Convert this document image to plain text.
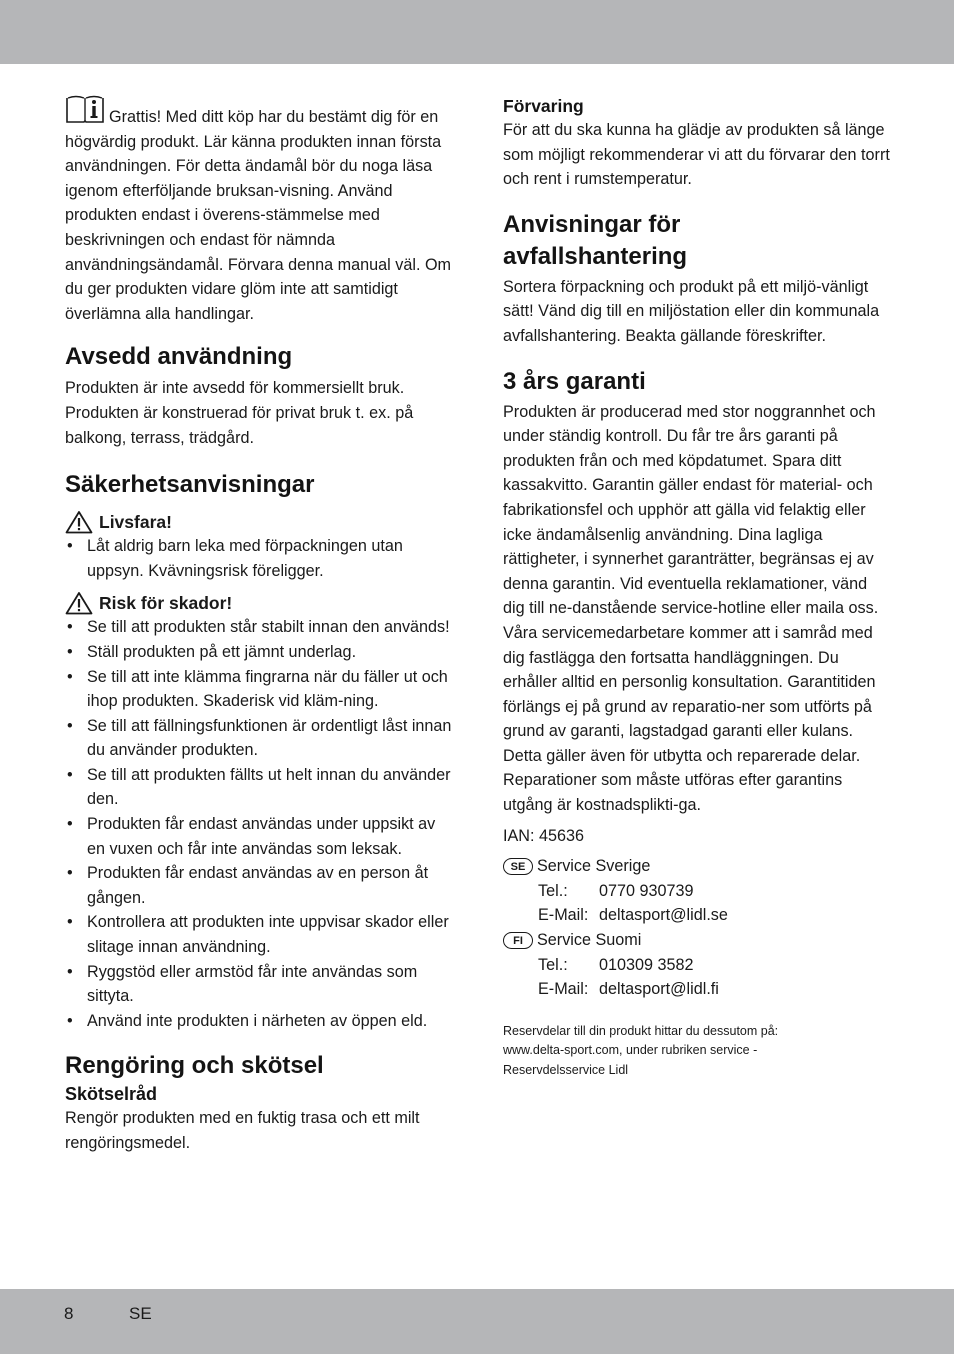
Grattis! Med ditt köp har du bestämt dig för en högvärdig produkt. Lär känna produkten innan första användningen. För detta ändamål bör du noga läsa igenom efterföljande bruksan-visning. Använd produkten endast i överens-stämmelse med beskrivningen och endast för nämnda användningsändamål. Förvara denna manual väl. Om du ger produkten vidare glöm inte att samtidigt överlämna alla handlingar.

Avsedd användning

Produkten är inte avsedd för kommersiellt bruk. Produkten är konstruerad för privat bruk t. ex. på balkong, terrass, trädgård.

Säkerhetsanvisningar
Livsfara!
• Låt aldrig barn leka med förpackningen utan uppsyn. Kvävningsrisk föreligger.
Risk för skador!
• Se till att produkten står stabilt innan den används!
• Ställ produkten på ett jämnt underlag.
• Se till att inte klämma fingrarna när du fäller ut och ihop produkten. Skaderisk vid kläm-ning.
• Se till att fällningsfunktionen är ordentligt låst innan du använder produkten.
• Se till att produkten fällts ut helt innan du använder den.
• Produkten får endast användas under uppsikt av en vuxen och får inte användas som leksak.
• Produkten får endast användas av en person åt gången.
• Kontrollera att produkten inte uppvisar skador eller slitage innan användning.
• Ryggstöd eller armstöd får inte användas som sittyta.
• Använd inte produkten i närheten av öppen eld.
Rengöring och skötsel
Skötselråd

Rengör produkten med en fuktig trasa och ett milt rengöringsmedel.

Förvaring

För att du ska kunna ha glädje av produkten så länge som möjligt rekommenderar vi att du förvarar den torrt och rent i rumstemperatur.

Anvisningar för
avfallshantering

Sortera förpackning och produkt på ett miljö-vänligt sätt! Vänd dig till en miljöstation eller din kommunala avfallshantering. Beakta gällande föreskrifter.

3 års garanti

Produkten är producerad med stor noggrannhet och under ständig kontroll. Du får tre års garanti på produkten från och med köpdatumet. Spara ditt kassakvitto. Garantin gäller endast för material- och fabrikationsfel och upphör att gälla vid felaktig eller icke ändamålsenlig användning. Dina lagliga rättigheter, i synnerhet garanträtter, begränsas ej av denna garantin. Vid eventuella reklamationer, vänd dig till ne-danstående service-hotline eller maila oss. Våra servicemedarbetare kommer att i samråd med dig fastlägga den fortsatta handläggningen. Du erhåller alltid en personlig konsultation. Garantitiden förlängs ej på grund av reparatio-ner som utförts på grund av garanti, lagstadgad garanti eller kulans. Detta gäller även för utbytta och reparerade delar. Reparationer som måste utföras efter garantins utgång är kostnadsplikti-ga.

IAN: 45636

SE Service Sverige
Tel.:	0770 930739
E-Mail: deltasport@lidl.se
FI Service Suomi
Tel.:	010309 3582
E-Mail: deltasport@lidl.fi

Reservdelar till din produkt hittar du dessutom på:

www.delta-sport.com, under rubriken service -

Reservdelsservice Lidl

8	SE
